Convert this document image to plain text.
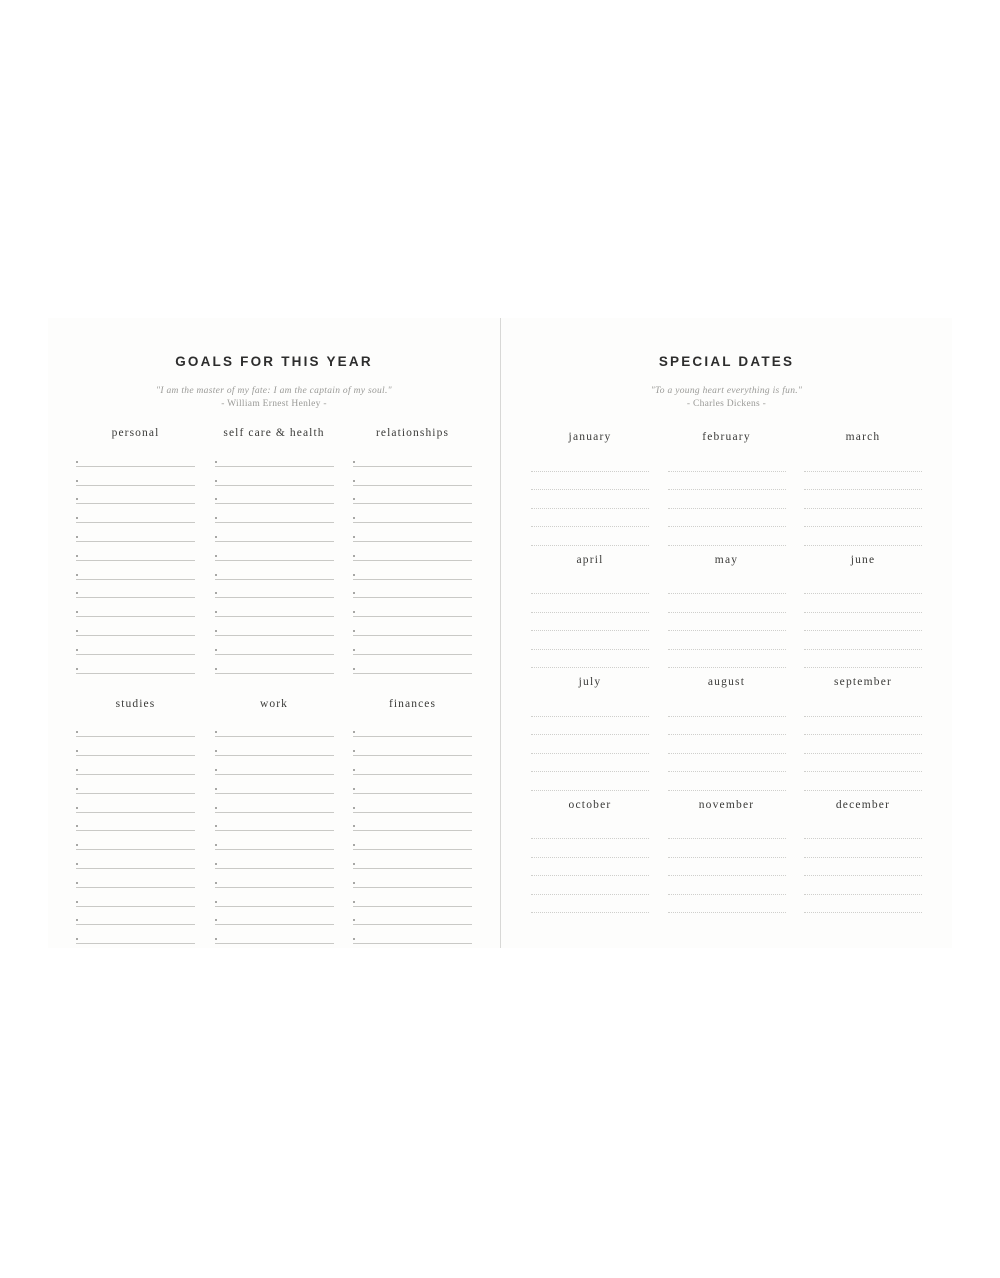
GOALS FOR THIS YEAR
"I am the master of my fate: I am the captain of my soul."
- William Ernest Henley -
personal	self care & health	relationships
studies	work	finances
SPECIAL DATES
"To a young heart everything is fun."
- Charles Dickens -
january	february	march
april	may	june
july	august	september
october	november	december
